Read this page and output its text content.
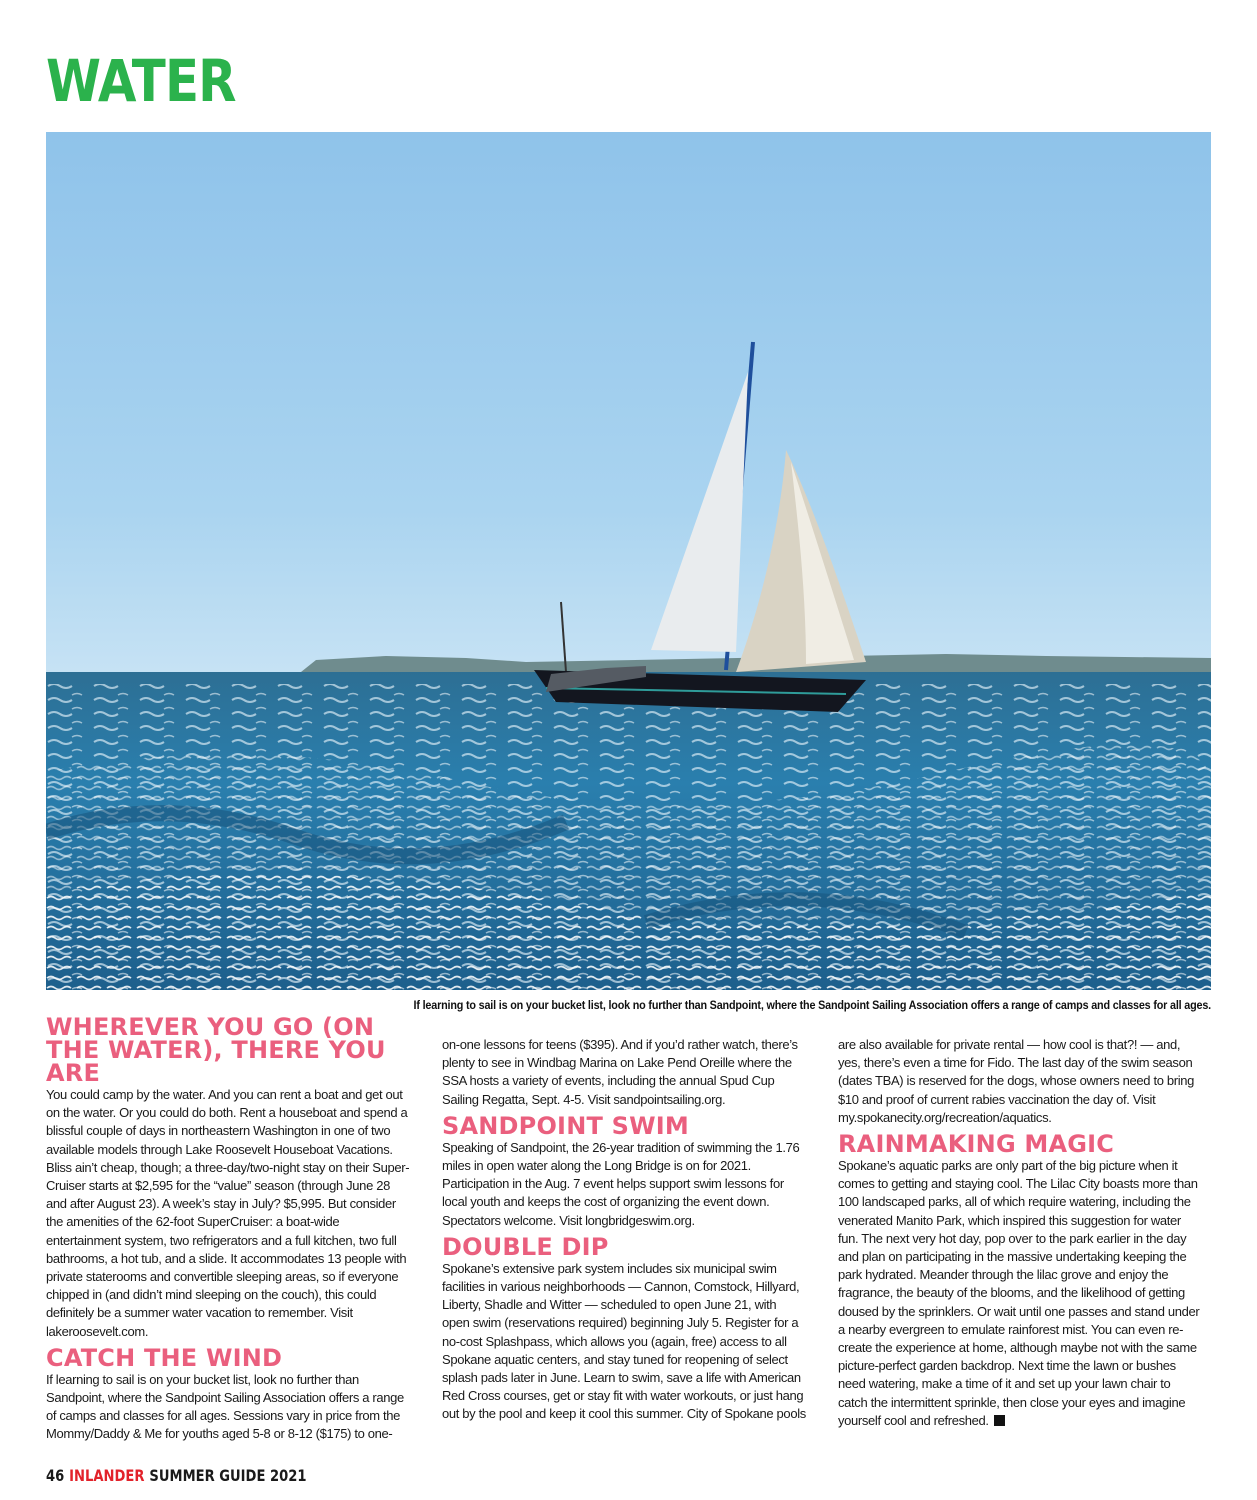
WATER

If learning to sail is on your bucket list, look no further than Sandpoint, where the Sandpoint Sailing Association offers a range of camps and classes for all ages.

WHEREVER YOU GO (ON THE WATER), THERE YOU ARE

You could camp by the water. And you can rent a boat and get out on the water. Or you could do both. Rent a houseboat and spend a blissful couple of days in northeastern Washington in one of two available models through Lake Roosevelt Houseboat Vacations. Bliss ain’t cheap, though; a three-day/two-night stay on their Super-Cruiser starts at $2,595 for the “value” season (through June 28 and after August 23). A week’s stay in July? $5,995. But consider the amenities of the 62-foot SuperCruiser: a boat-wide entertainment system, two refrigerators and a full kitchen, two full bathrooms, a hot tub, and a slide. It accommodates 13 people with private staterooms and convertible sleeping areas, so if everyone chipped in (and didn’t mind sleeping on the couch), this could definitely be a summer water vacation to remember. Visit lakeroosevelt.com.

CATCH THE WIND

If learning to sail is on your bucket list, look no further than Sandpoint, where the Sandpoint Sailing Association offers a range of camps and classes for all ages. Sessions vary in price from the Mommy/Daddy & Me for youths aged 5-8 or 8-12 ($175) to one-

on-one lessons for teens ($395). And if you’d rather watch, there’s plenty to see in Windbag Marina on Lake Pend Oreille where the SSA hosts a variety of events, including the annual Spud Cup Sailing Regatta, Sept. 4-5. Visit sandpointsailing.org.

SANDPOINT SWIM

Speaking of Sandpoint, the 26-year tradition of swimming the 1.76 miles in open water along the Long Bridge is on for 2021. Participation in the Aug. 7 event helps support swim lessons for local youth and keeps the cost of organizing the event down. Spectators welcome. Visit longbridgeswim.org.

DOUBLE DIP

Spokane’s extensive park system includes six municipal swim facilities in various neighborhoods — Cannon, Comstock, Hillyard, Liberty, Shadle and Witter — scheduled to open June 21, with open swim (reservations required) beginning July 5. Register for a no-cost Splashpass, which allows you (again, free) access to all Spokane aquatic centers, and stay tuned for reopening of select splash pads later in June. Learn to swim, save a life with American Red Cross courses, get or stay fit with water workouts, or just hang out by the pool and keep it cool this summer. City of Spokane pools

are also available for private rental — how cool is that?! — and, yes, there’s even a time for Fido. The last day of the swim season (dates TBA) is reserved for the dogs, whose owners need to bring $10 and proof of current rabies vaccination the day of. Visit my.spokanecity.org/recreation/aquatics.

RAINMAKING MAGIC

Spokane’s aquatic parks are only part of the big picture when it comes to getting and staying cool. The Lilac City boasts more than 100 landscaped parks, all of which require watering, including the venerated Manito Park, which inspired this suggestion for water fun. The next very hot day, pop over to the park earlier in the day and plan on participating in the massive undertaking keeping the park hydrated. Meander through the lilac grove and enjoy the fragrance, the beauty of the blooms, and the likelihood of getting doused by the sprinklers. Or wait until one passes and stand under a nearby evergreen to emulate rainforest mist. You can even re-create the experience at home, although maybe not with the same picture-perfect garden backdrop. Next time the lawn or bushes need watering, make a time of it and set up your lawn chair to catch the intermittent sprinkle, then close your eyes and imagine yourself cool and refreshed.

46 INLANDER SUMMER GUIDE 2021
